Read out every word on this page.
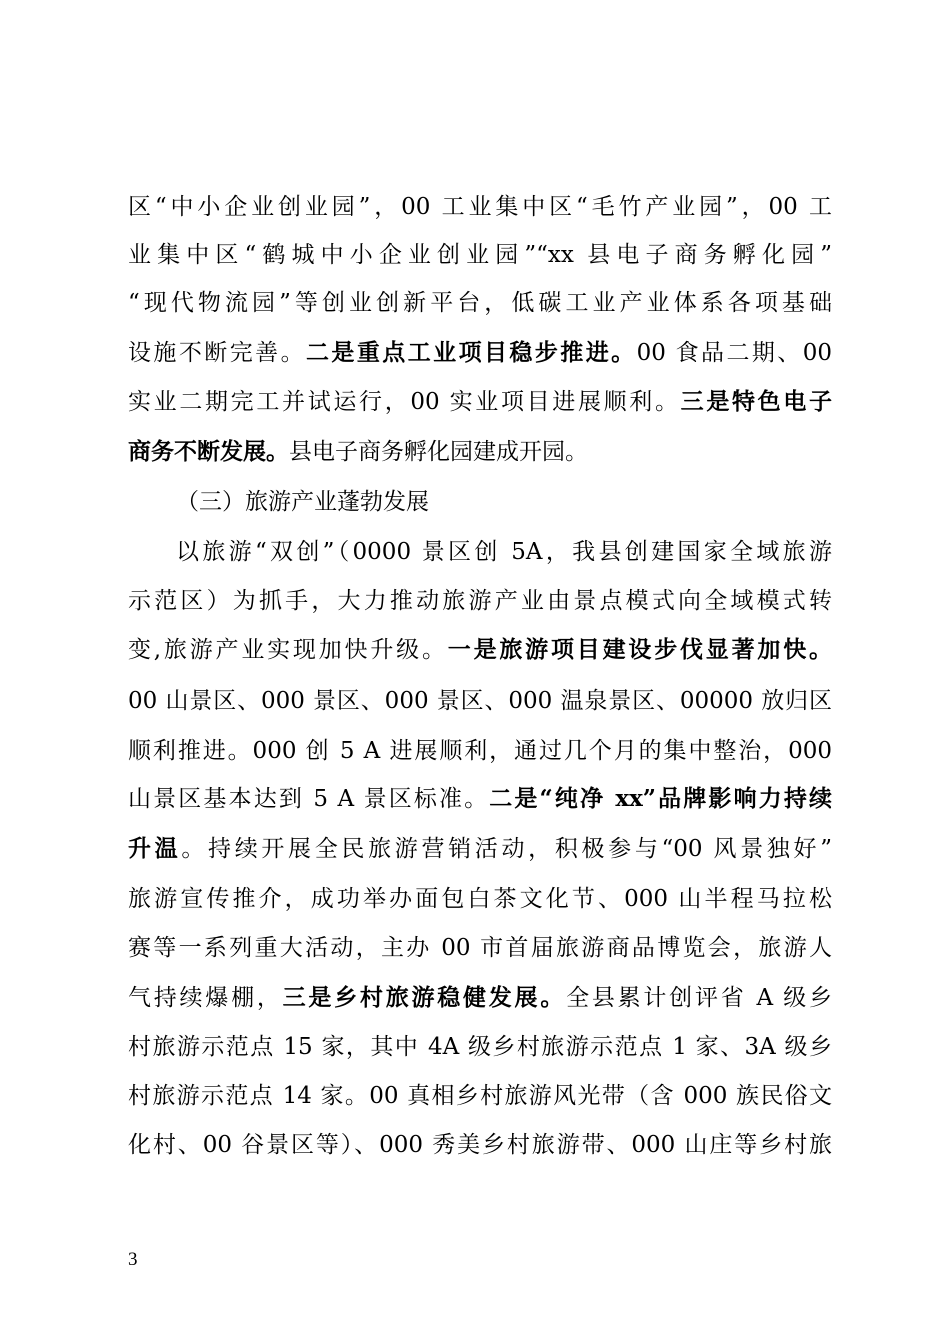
区“中小企业创业园”，00 工业集中区“毛竹产业园”，00 工
业集中区“鹤城中小企业创业园”“xx 县电子商务孵化园”
“现代物流园”等创业创新平台，低碳工业产业体系各项基础
设施不断完善。二是重点工业项目稳步推进。00 食品二期、00
实业二期完工并试运行，00 实业项目进展顺利。三是特色电子
商务不断发展。县电子商务孵化园建成开园。
（三）旅游产业蓬勃发展
以旅游“双创”（0000 景区创 5A，我县创建国家全域旅游
示范区）为抓手，大力推动旅游产业由景点模式向全域模式转
变,旅游产业实现加快升级。一是旅游项目建设步伐显著加快。
00 山景区、000 景区、000 景区、000 温泉景区、00000 放归区
顺利推进。000 创 5 A 进展顺利，通过几个月的集中整治，000
山景区基本达到 5 A 景区标准。二是“纯净 xx”品牌影响力持续
升温。持续开展全民旅游营销活动，积极参与“00 风景独好”
旅游宣传推介，成功举办面包白茶文化节、000 山半程马拉松
赛等一系列重大活动，主办 00 市首届旅游商品博览会，旅游人
气持续爆棚，三是乡村旅游稳健发展。全县累计创评省 A 级乡
村旅游示范点 15 家，其中 4A 级乡村旅游示范点 1 家、3A 级乡
村旅游示范点 14 家。00 真相乡村旅游风光带（含 000 族民俗文
化村、00 谷景区等）、000 秀美乡村旅游带、000 山庄等乡村旅
3
